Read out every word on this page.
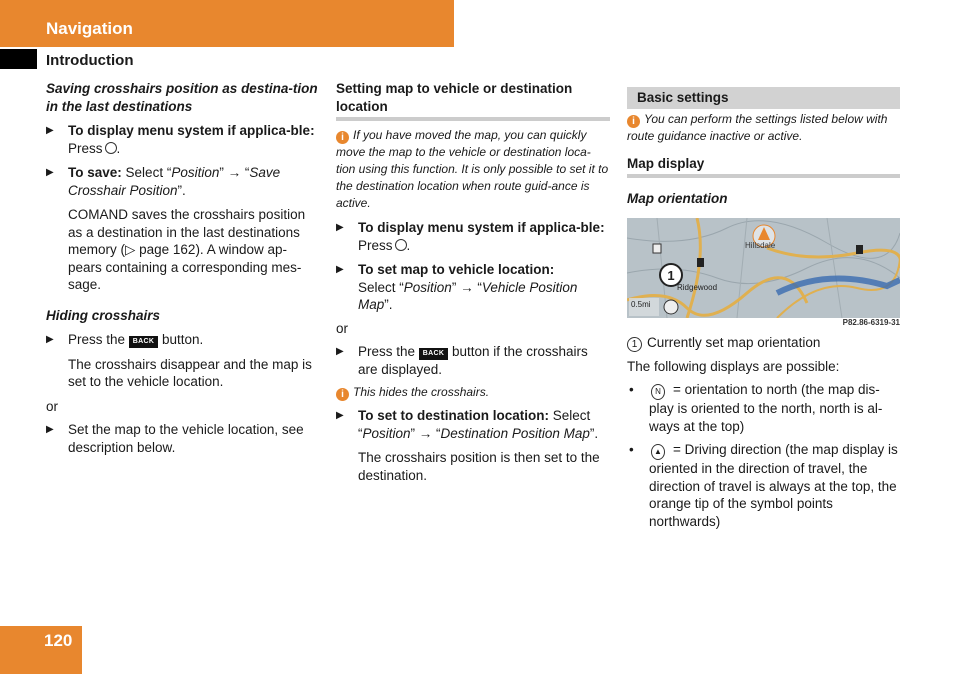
Navigation
Introduction

Saving crosshairs position as destina-tion in the last destinations

▶ To display menu system if applica-ble: Press .
▶ To save: Select “Position” → “Save Crosshair Position”.

COMAND saves the crosshairs position as a destination in the last destinations memory (▷ page 162). A window ap-pears containing a corresponding mes-sage.

Hiding crosshairs

▶ Press the BACK button.

The crosshairs disappear and the map is set to the vehicle location.

or

▶ Set the map to the vehicle location, see description below.

Setting map to vehicle or destination location

i If you have moved the map, you can quickly move the map to the vehicle or destination loca-tion using this function. It is only possible to set it to the destination location when route guid-ance is active.

▶ To display menu system if applica-ble: Press .
▶ To set map to vehicle location:
Select “Position” → “Vehicle Position Map”.

or

▶ Press the BACK button if the crosshairs are displayed.

i This hides the crosshairs.

▶ To set to destination location: Select “Position” → “Destination Position Map”.

The crosshairs position is then set to the destination.

Basic settings

i You can perform the settings listed below with route guidance inactive or active.

Map display

Map orientation

1
Hillsdale
Ridgewood
0.5mi

P82.86-6319-31

1 Currently set map orientation

The following displays are possible:

•	N = orientation to north (the map dis-play is oriented to the north, north is al-ways at the top)
•	▲ = Driving direction (the map display is oriented in the direction of travel, the direction of travel is always at the top, the orange tip of the symbol points northwards)
120
